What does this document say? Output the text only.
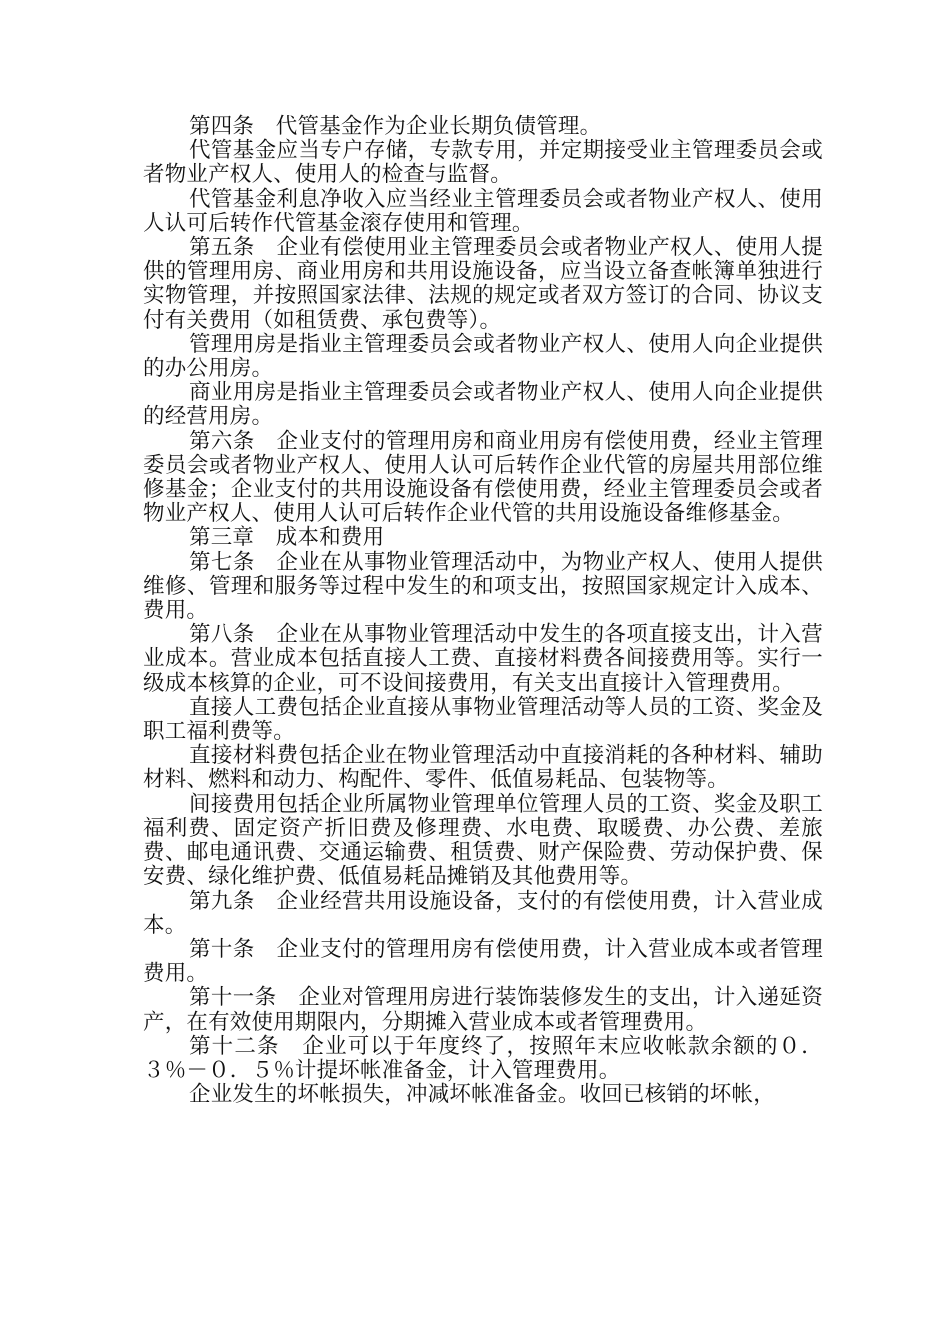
第四条　代管基金作为企业长期负债管理。

代管基金应当专户存储，专款专用，并定期接受业主管理委员会或者物业产权人、使用人的检查与监督。

代管基金利息净收入应当经业主管理委员会或者物业产权人、使用人认可后转作代管基金滚存使用和管理。

第五条　企业有偿使用业主管理委员会或者物业产权人、使用人提供的管理用房、商业用房和共用设施设备，应当设立备查帐簿单独进行实物管理，并按照国家法律、法规的规定或者双方签订的合同、协议支付有关费用（如租赁费、承包费等）。

管理用房是指业主管理委员会或者物业产权人、使用人向企业提供的办公用房。

商业用房是指业主管理委员会或者物业产权人、使用人向企业提供的经营用房。

第六条　企业支付的管理用房和商业用房有偿使用费，经业主管理委员会或者物业产权人、使用人认可后转作企业代管的房屋共用部位维修基金；企业支付的共用设施设备有偿使用费，经业主管理委员会或者物业产权人、使用人认可后转作企业代管的共用设施设备维修基金。

第三章　成本和费用

第七条　企业在从事物业管理活动中，为物业产权人、使用人提供维修、管理和服务等过程中发生的和项支出，按照国家规定计入成本、费用。

第八条　企业在从事物业管理活动中发生的各项直接支出，计入营业成本。营业成本包括直接人工费、直接材料费各间接费用等。实行一级成本核算的企业，可不设间接费用，有关支出直接计入管理费用。

直接人工费包括企业直接从事物业管理活动等人员的工资、奖金及职工福利费等。

直接材料费包括企业在物业管理活动中直接消耗的各种材料、辅助材料、燃料和动力、构配件、零件、低值易耗品、包装物等。

间接费用包括企业所属物业管理单位管理人员的工资、奖金及职工福利费、固定资产折旧费及修理费、水电费、取暖费、办公费、差旅费、邮电通讯费、交通运输费、租赁费、财产保险费、劳动保护费、保安费、绿化维护费、低值易耗品摊销及其他费用等。

第九条　企业经营共用设施设备，支付的有偿使用费，计入营业成本。

第十条　企业支付的管理用房有偿使用费，计入营业成本或者管理费用。

第十一条　企业对管理用房进行装饰装修发生的支出，计入递延资产，在有效使用期限内，分期摊入营业成本或者管理费用。

第十二条　企业可以于年度终了，按照年末应收帐款余额的０．３％－０．５％计提坏帐准备金，计入管理费用。

企业发生的坏帐损失，冲减坏帐准备金。收回已核销的坏帐，
